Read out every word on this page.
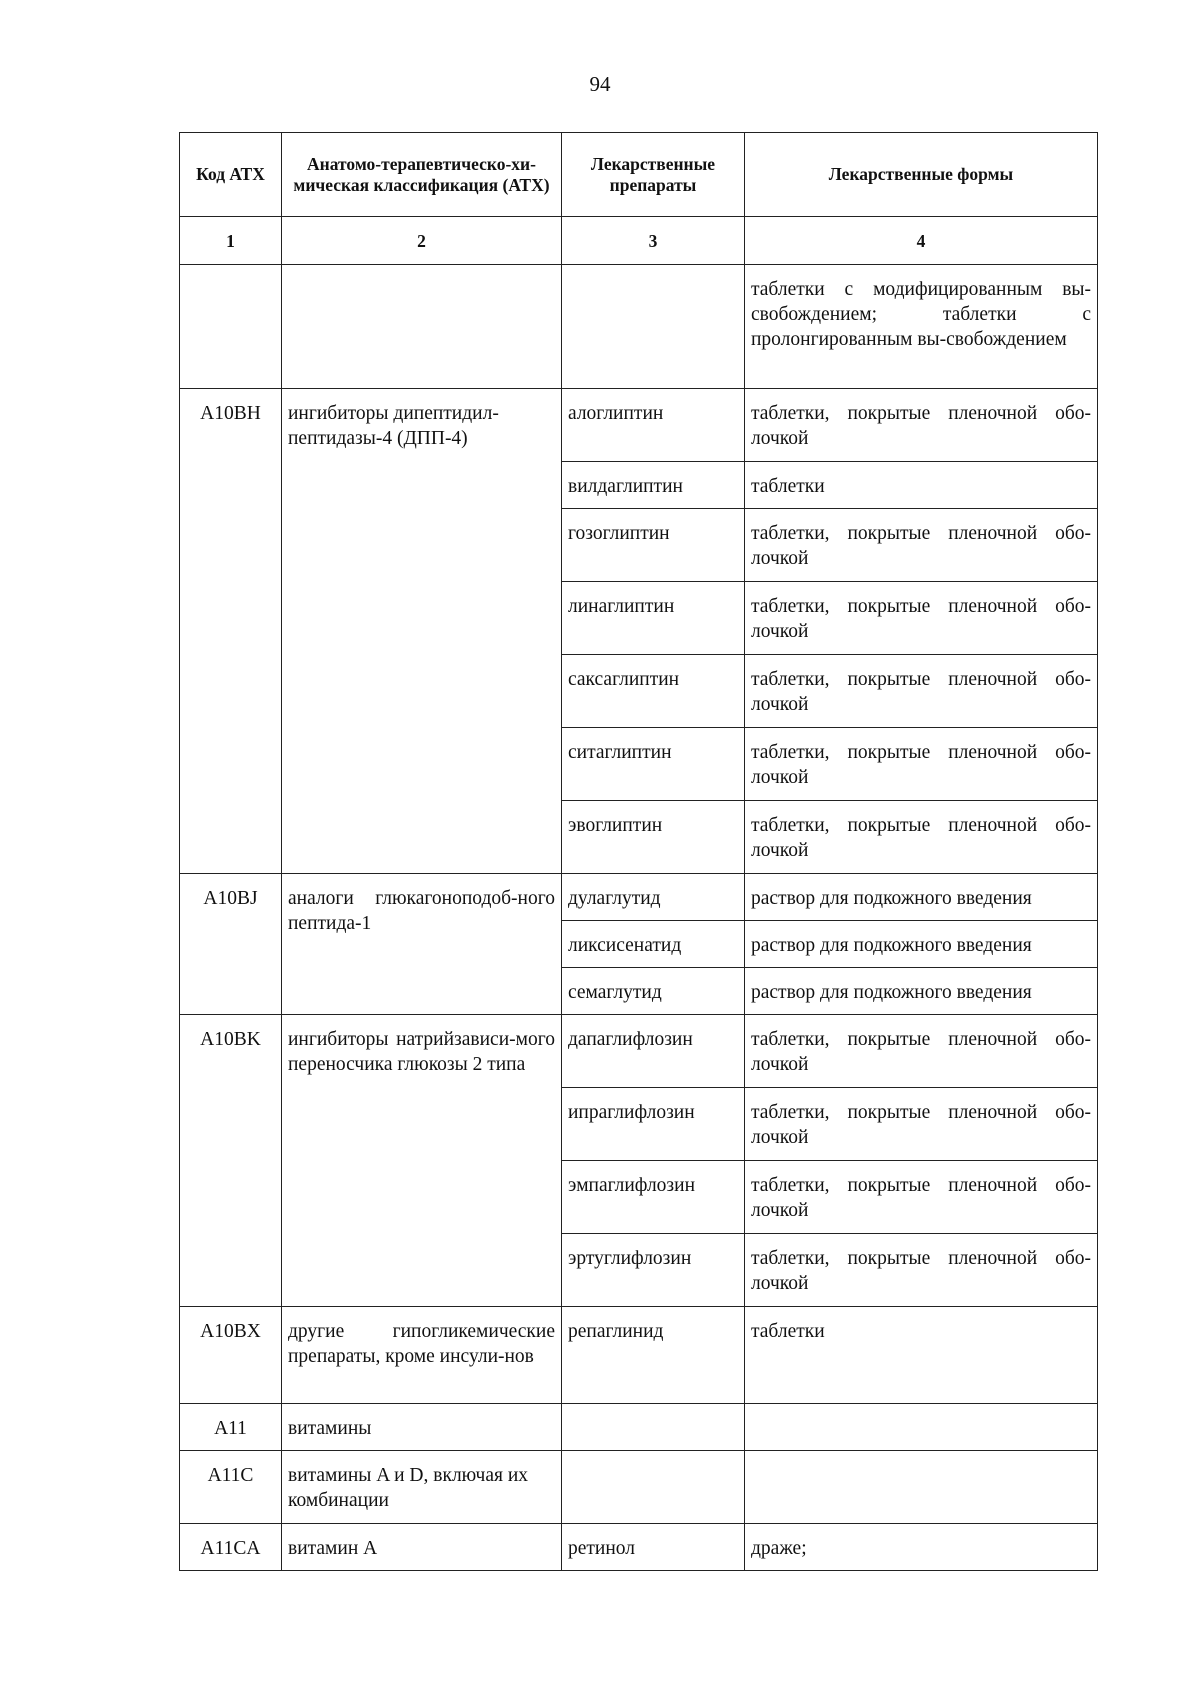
94
Код АТХ	Анатомо-терапевтическо-хи-мическая классификация (АТХ)	Лекарственные препараты	Лекарственные формы
1	2	3	4
			таблетки с модифицированным вы-свобождением; таблетки с пролонгированным вы-свобождением
A10BH	ингибиторы дипептидил-пептидазы-4 (ДПП-4)	алоглиптин	таблетки, покрытые пленочной обо-лочкой
		вилдаглиптин	таблетки
		гозоглиптин	таблетки, покрытые пленочной обо-лочкой
		линаглиптин	таблетки, покрытые пленочной обо-лочкой
		саксаглиптин	таблетки, покрытые пленочной обо-лочкой
		ситаглиптин	таблетки, покрытые пленочной обо-лочкой
		эвоглиптин	таблетки, покрытые пленочной обо-лочкой
A10BJ	аналоги глюкагоноподоб-ного пептида-1	дулаглутид	раствор для подкожного введения
		ликсисенатид	раствор для подкожного введения
		семаглутид	раствор для подкожного введения
A10BK	ингибиторы натрийзависи-мого переносчика глюкозы 2 типа	дапаглифлозин	таблетки, покрытые пленочной обо-лочкой
		ипраглифлозин	таблетки, покрытые пленочной обо-лочкой
		эмпаглифлозин	таблетки, покрытые пленочной обо-лочкой
		эртуглифлозин	таблетки, покрытые пленочной обо-лочкой
A10BX	другие гипогликемические препараты, кроме инсули-нов	репаглинид	таблетки
A11	витамины		
A11C	витамины A и D, включая их комбинации		
A11CA	витамин A	ретинол	драже;
